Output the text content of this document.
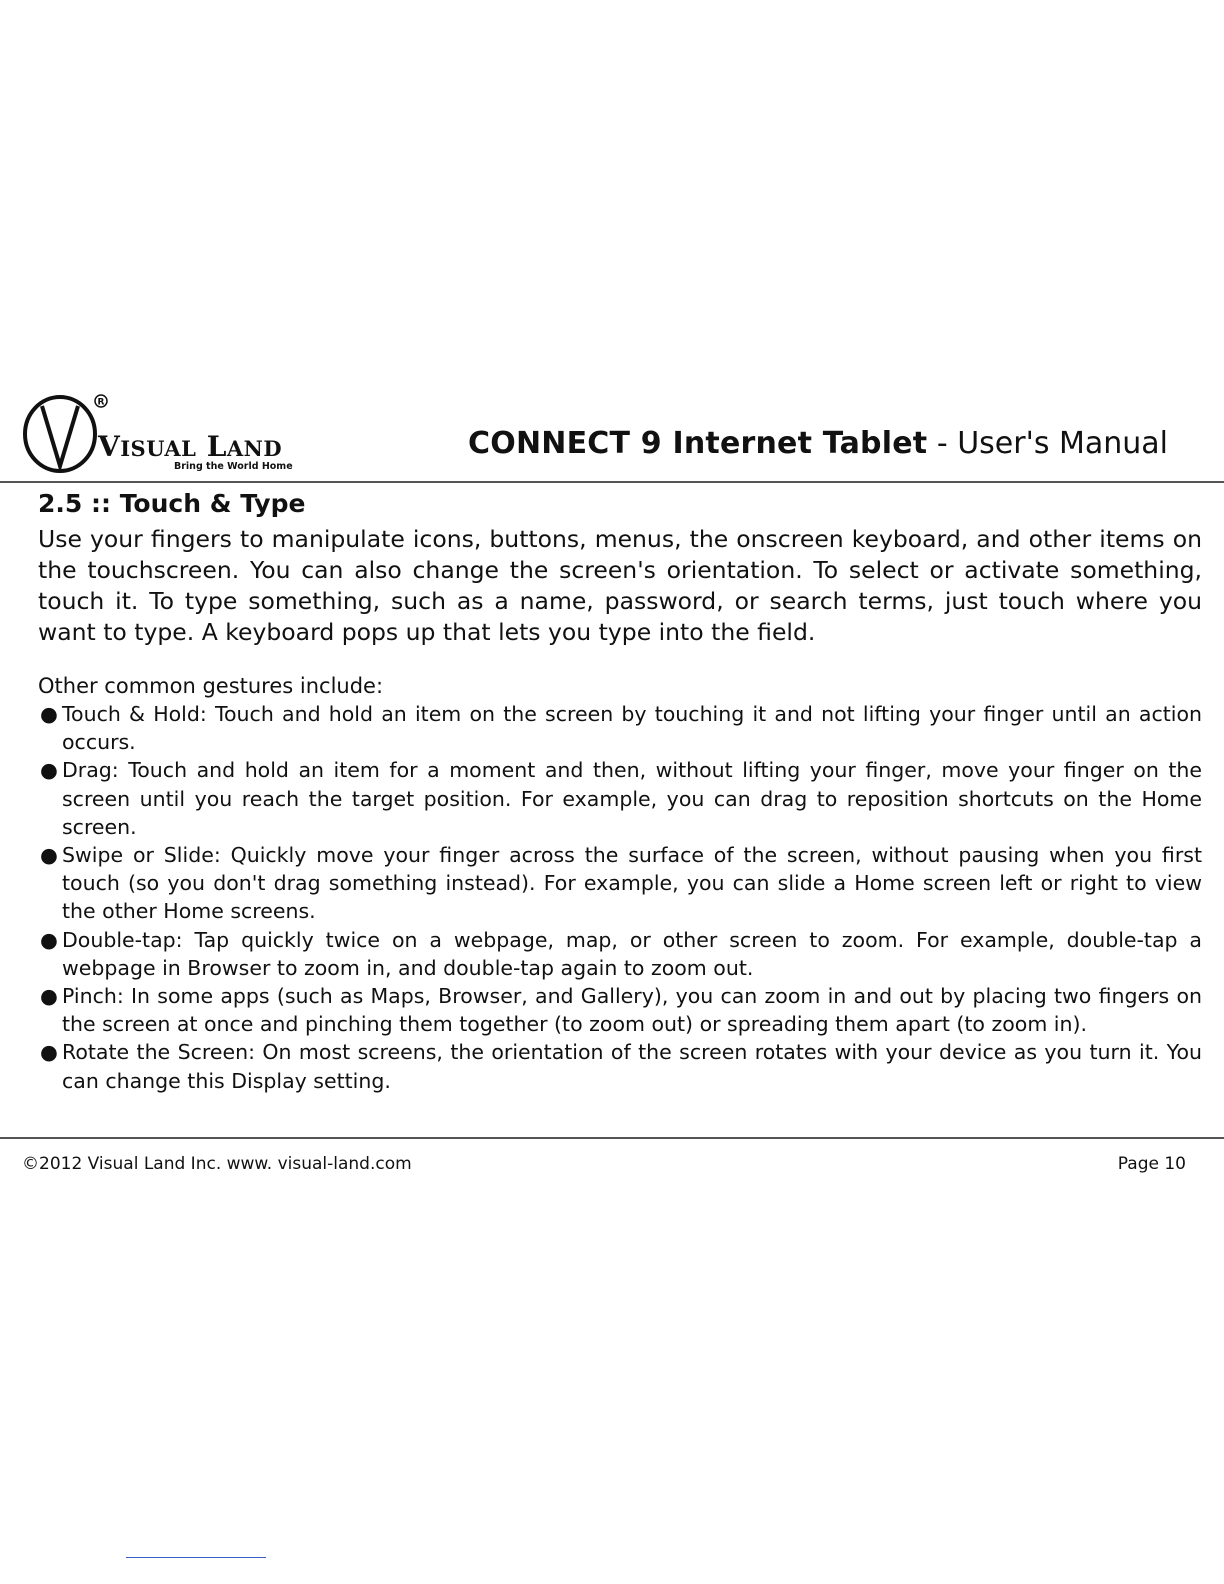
R
VISUAL LAND
Bring the World Home
CONNECT 9 Internet Tablet - User's Manual
2.5 :: Touch & Type

Use your fingers to manipulate icons, buttons, menus, the onscreen keyboard, and other items on the touchscreen. You can also change the screen's orientation. To select or activate something, touch it. To type something, such as a name, password, or search terms, just touch where you want to type. A keyboard pops up that lets you type into the field.

Other common gestures include:

● Touch & Hold: Touch and hold an item on the screen by touching it and not lifting your finger until an action occurs.
● Drag: Touch and hold an item for a moment and then, without lifting your finger, move your finger on the screen until you reach the target position. For example, you can drag to reposition shortcuts on the Home screen.
● Swipe or Slide: Quickly move your finger across the surface of the screen, without pausing when you first touch (so you don't drag something instead). For example, you can slide a Home screen left or right to view the other Home screens.
● Double-tap: Tap quickly twice on a webpage, map, or other screen to zoom. For example, double-tap a webpage in Browser to zoom in, and double-tap again to zoom out.
● Pinch: In some apps (such as Maps, Browser, and Gallery), you can zoom in and out by placing two fingers on the screen at once and pinching them together (to zoom out) or spreading them apart (to zoom in).
● Rotate the Screen: On most screens, the orientation of the screen rotates with your device as you turn it. You can change this Display setting.
©2012 Visual Land Inc. www. visual-land.com	Page 10
